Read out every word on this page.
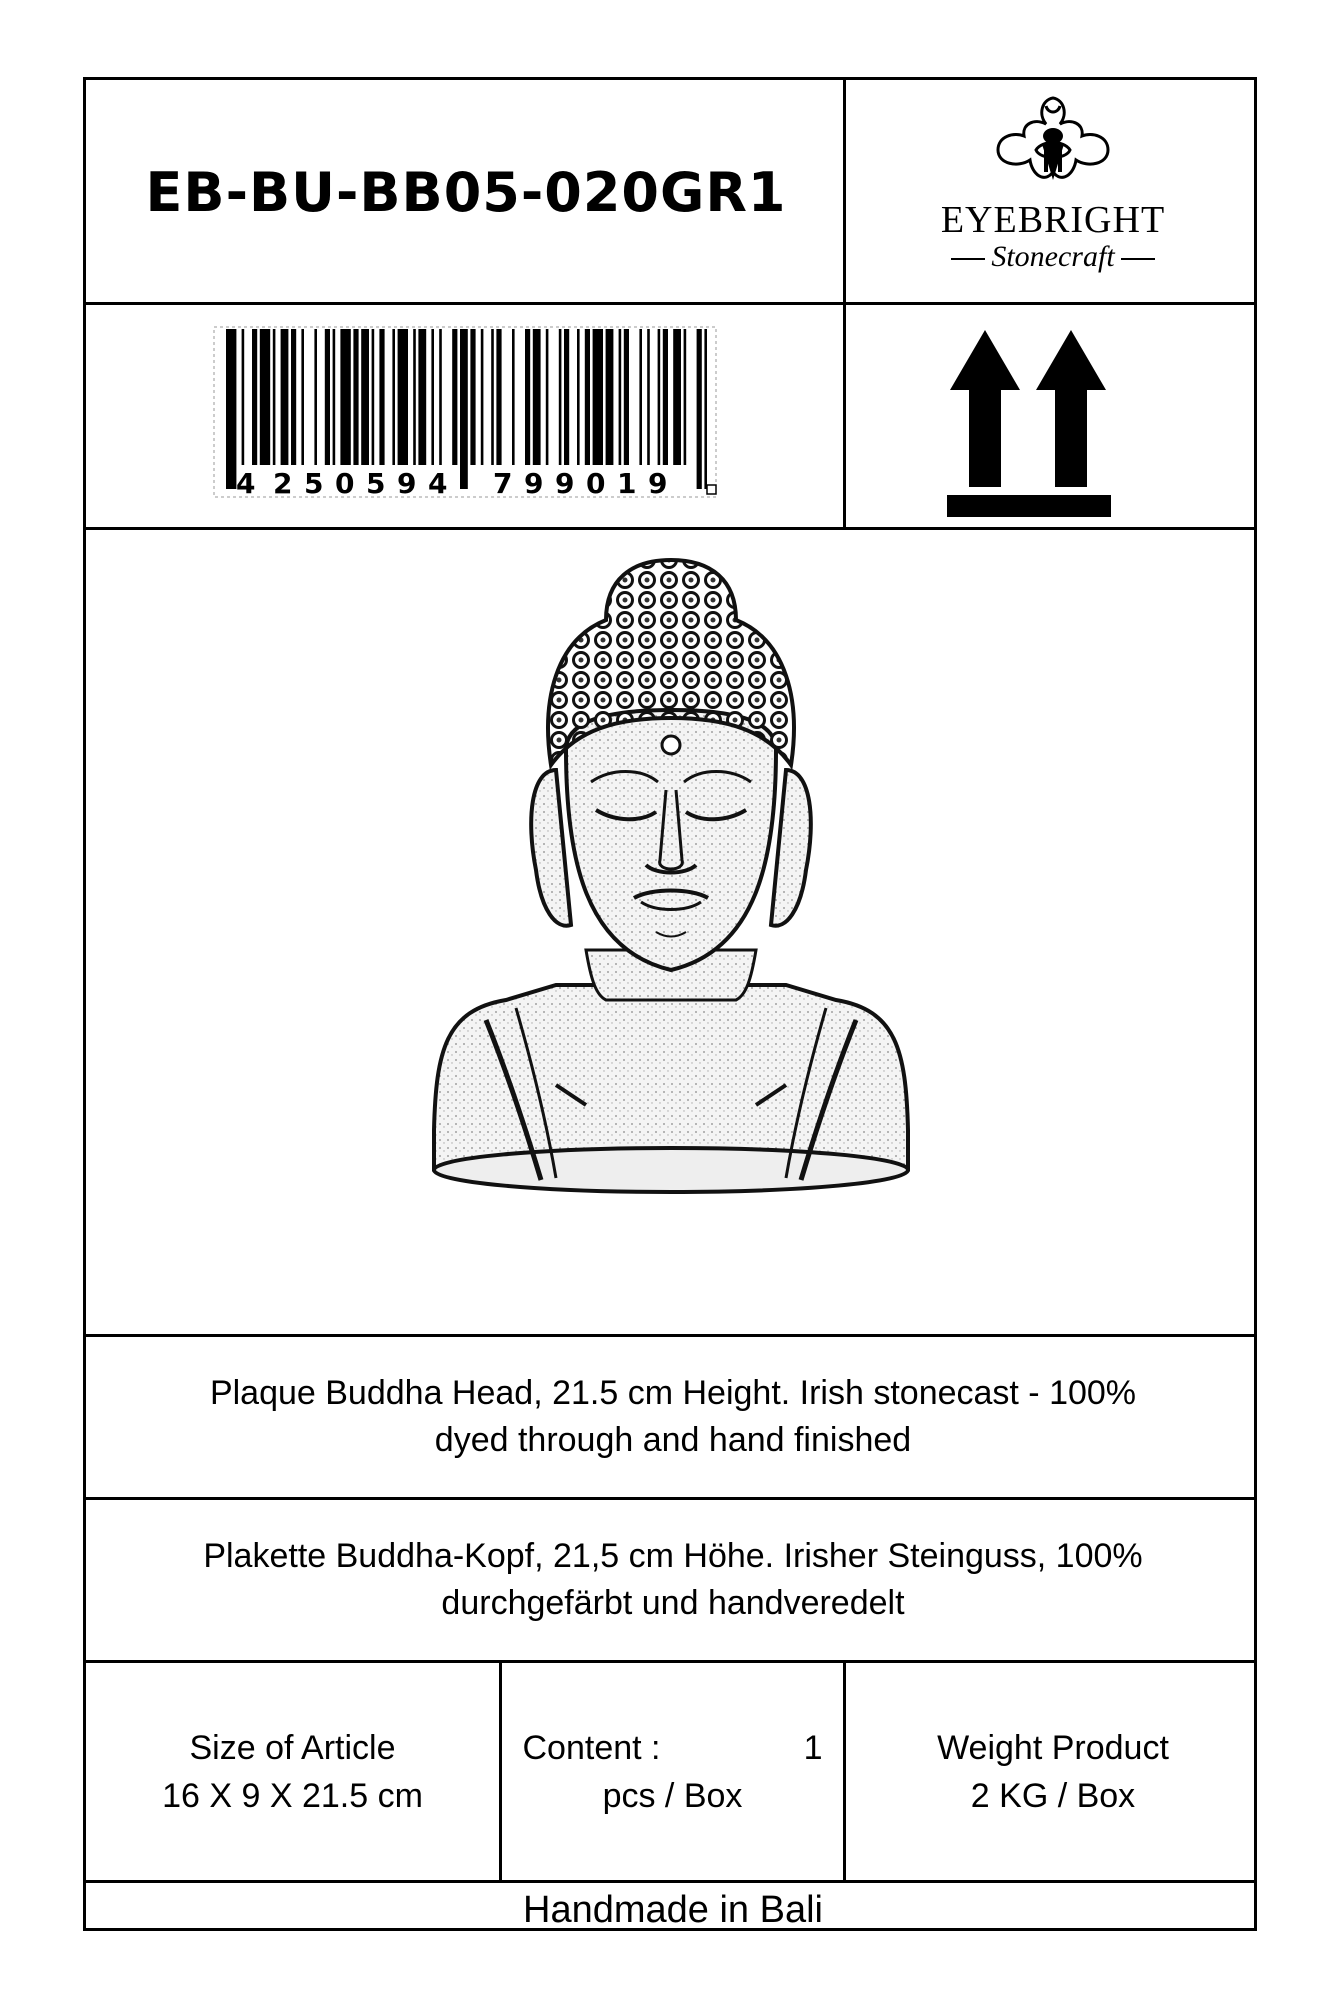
EB-BU-BB05-020GR1	EYEBRIGHT
Stonecraft
4 2 5 0 5 9 4 7 9 9 0 1 9
Plaque Buddha Head, 21.5 cm Height. Irish stonecast - 100%
dyed through and hand finished
Plakette Buddha-Kopf, 21,5 cm Höhe. Irisher Steinguss, 100%
durchgefärbt und handveredelt
Size of Article
16 X 9 X 21.5 cm
Content :	1
pcs / Box
Weight Product
2 KG / Box
Handmade in Bali
